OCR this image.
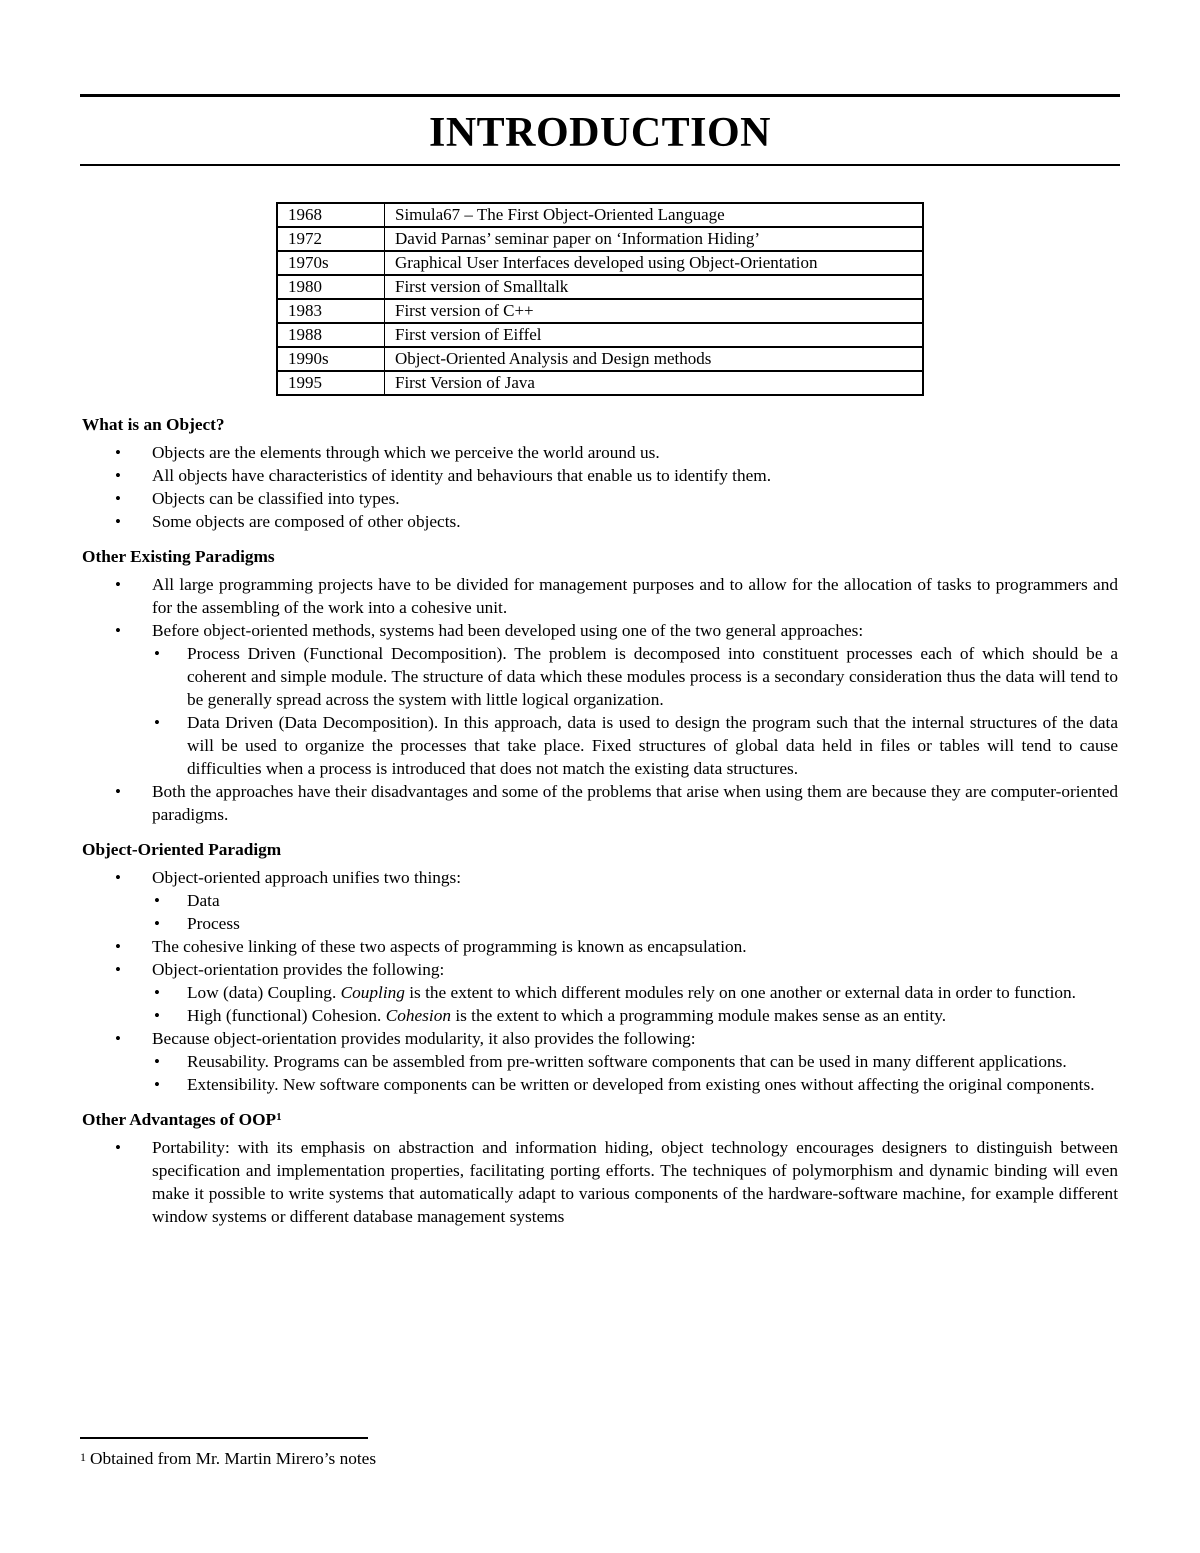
INTRODUCTION
1968	Simula67 – The First Object-Oriented Language
1972	David Parnas’ seminar paper on ‘Information Hiding’
1970s	Graphical User Interfaces developed using Object-Orientation
1980	First version of Smalltalk
1983	First version of C++
1988	First version of Eiffel
1990s	Object-Oriented Analysis and Design methods
1995	First Version of Java
What is an Object?
• Objects are the elements through which we perceive the world around us.
• All objects have characteristics of identity and behaviours that enable us to identify them.
• Objects can be classified into types.
• Some objects are composed of other objects.
Other Existing Paradigms
• All large programming projects have to be divided for management purposes and to allow for the allocation of tasks to programmers and for the assembling of the work into a cohesive unit.
• Before object-oriented methods, systems had been developed using one of the two general approaches:
• Process Driven (Functional Decomposition). The problem is decomposed into constituent processes each of which should be a coherent and simple module. The structure of data which these modules process is a secondary consideration thus the data will tend to be generally spread across the system with little logical organization.
• Data Driven (Data Decomposition). In this approach, data is used to design the program such that the internal structures of the data will be used to organize the processes that take place. Fixed structures of global data held in files or tables will tend to cause difficulties when a process is introduced that does not match the existing data structures.
• Both the approaches have their disadvantages and some of the problems that arise when using them are because they are computer-oriented paradigms.
Object-Oriented Paradigm
• Object-oriented approach unifies two things:
• Data
• Process
• The cohesive linking of these two aspects of programming is known as encapsulation.
• Object-orientation provides the following:
• Low (data) Coupling. Coupling is the extent to which different modules rely on one another or external data in order to function.
• High (functional) Cohesion. Cohesion is the extent to which a programming module makes sense as an entity.
• Because object-orientation provides modularity, it also provides the following:
• Reusability. Programs can be assembled from pre-written software components that can be used in many different applications.
• Extensibility. New software components can be written or developed from existing ones without affecting the original components.
Other Advantages of OOP$^1$
• Portability: with its emphasis on abstraction and information hiding, object technology encourages designers to distinguish between specification and implementation properties, facilitating porting efforts. The techniques of polymorphism and dynamic binding will even make it possible to write systems that automatically adapt to various components of the hardware-software machine, for example different window systems or different database management systems
$^1$ Obtained from Mr. Martin Mirero’s notes
